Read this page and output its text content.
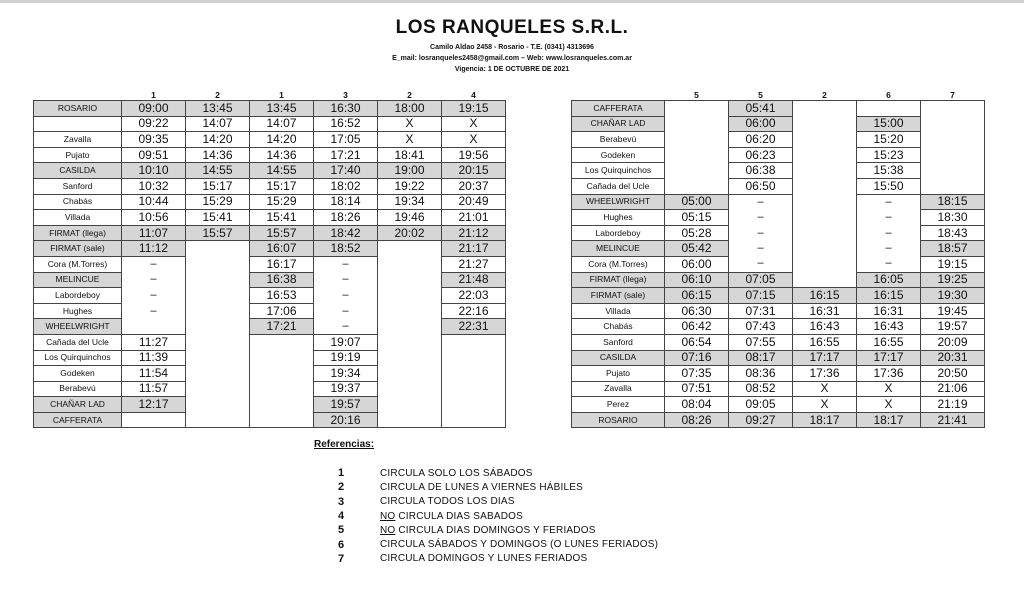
LOS RANQUELES S.R.L.
Camilo Aldao 2458 - Rosario - T.E. (0341) 4313696
E_mail: losranqueles2458@gmail.com – Web: www.losranqueles.com.ar
Vigencia: 1 DE OCTUBRE DE 2021
	1	2	1	3	2	4
ROSARIO	09:00	13:45	13:45	16:30	18:00	19:15
	09:22	14:07	14:07	16:52	X	X
Zavalla	09:35	14:20	14:20	17:05	X	X
Pujato	09:51	14:36	14:36	17:21	18:41	19:56
CASILDA	10:10	14:55	14:55	17:40	19:00	20:15
Sanford	10:32	15:17	15:17	18:02	19:22	20:37
Chabás	10:44	15:29	15:29	18:14	19:34	20:49
Villada	10:56	15:41	15:41	18:26	19:46	21:01
FIRMAT (llega)	11:07	15:57	15:57	18:42	20:02	21:12
FIRMAT (sale)	11:12		16:07	18:52		21:17
Cora (M.Torres)	–		16:17	–		21:27
MELINCUE	–		16:38	–		21:48
Labordeboy	–		16:53	–		22:03
Hughes	–		17:06	–		22:16
WHEELWRIGHT			17:21	–		22:31
Cañada del Ucle	11:27			19:07		
Los Quirquinchos	11:39			19:19		
Godeken	11:54			19:34		
Berabevú	11:57			19:37		
CHAÑAR LAD	12:17			19:57		
CAFFERATA				20:16		
	5	5	2	6	7
CAFFERATA		05:41			
CHAÑAR LAD		06:00		15:00	
Berabevú		06:20		15:20	
Godeken		06:23		15:23	
Los Quirquinchos		06:38		15:38	
Cañada del Ucle		06:50		15:50	
WHEELWRIGHT	05:00	–		–	18:15
Hughes	05:15	–		–	18:30
Labordeboy	05:28	–		–	18:43
MELINCUE	05:42	–		–	18:57
Cora (M.Torres)	06:00	–		–	19:15
FIRMAT (llega)	06:10	07:05		16:05	19:25
FIRMAT (sale)	06:15	07:15	16:15	16:15	19:30
Villada	06:30	07:31	16:31	16:31	19:45
Chabás	06:42	07:43	16:43	16:43	19:57
Sanford	06:54	07:55	16:55	16:55	20:09
CASILDA	07:16	08:17	17:17	17:17	20:31
Pujato	07:35	08:36	17:36	17:36	20:50
Zavalla	07:51	08:52	X	X	21:06
Perez	08:04	09:05	X	X	21:19
ROSARIO	08:26	09:27	18:17	18:17	21:41
Referencias:
1	CIRCULA SOLO LOS SÁBADOS
2	CIRCULA DE LUNES A VIERNES HÁBILES
3	CIRCULA TODOS LOS DIAS
4	NO CIRCULA DIAS SABADOS
5	NO CIRCULA DIAS DOMINGOS Y FERIADOS
6	CIRCULA SÁBADOS Y DOMINGOS (O LUNES FERIADOS)
7	CIRCULA DOMINGOS Y LUNES FERIADOS
